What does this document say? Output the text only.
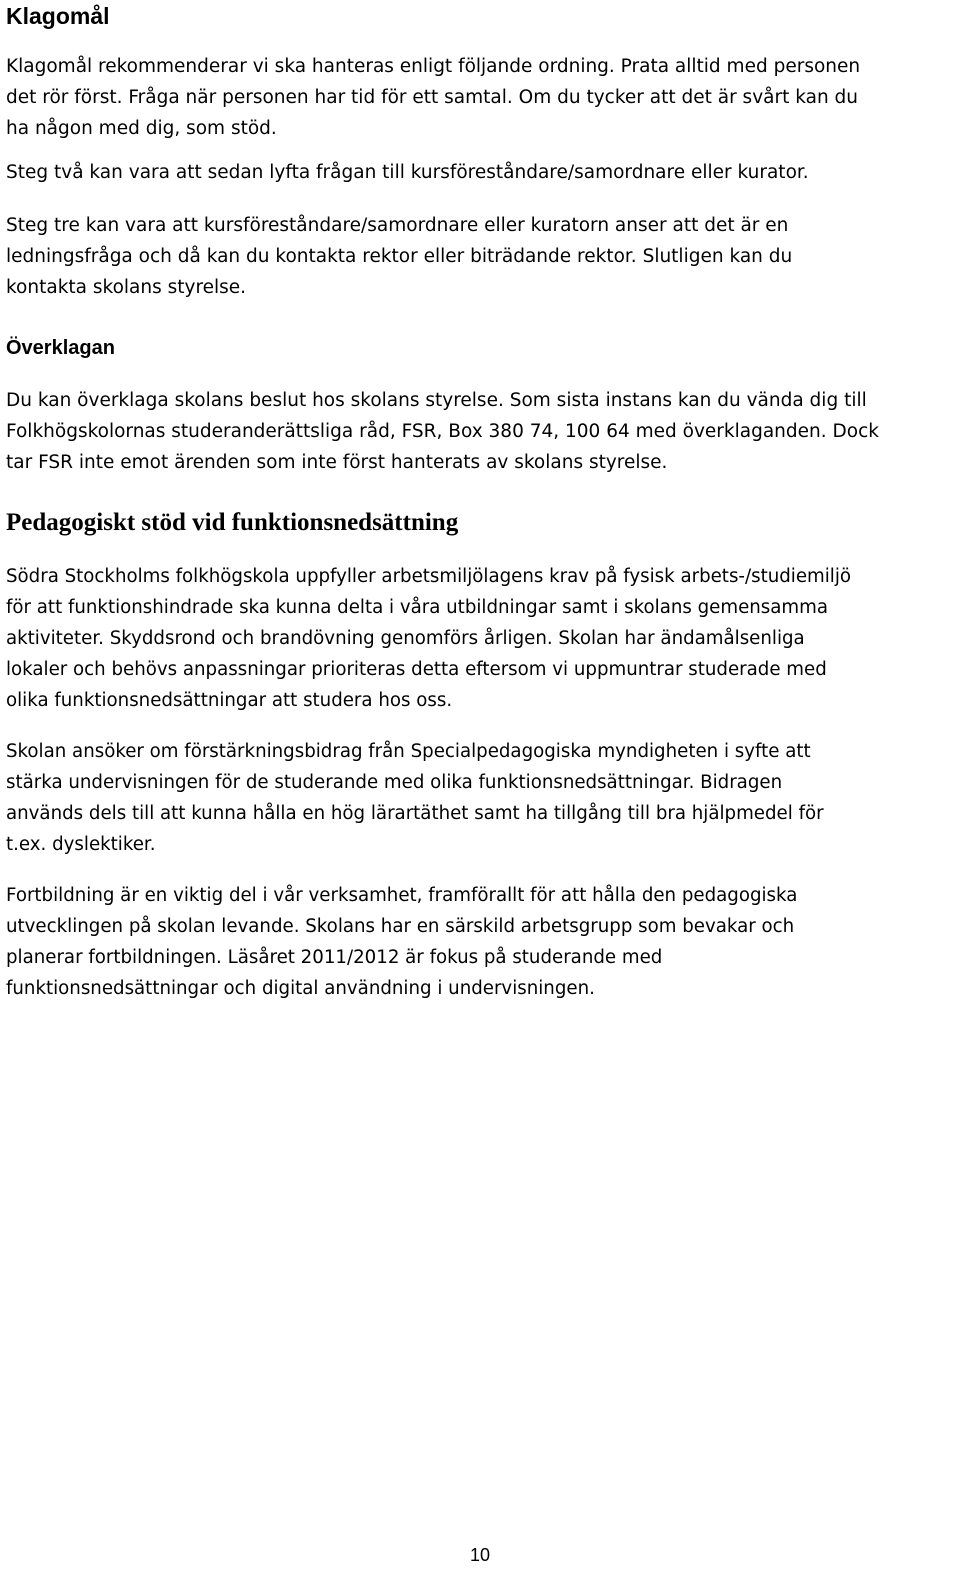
Klagomål

Klagomål rekommenderar vi ska hanteras enligt följande ordning. Prata alltid med personen
det rör först. Fråga när personen har tid för ett samtal. Om du tycker att det är svårt kan du
ha någon med dig, som stöd.

Steg två kan vara att sedan lyfta frågan till kursföreståndare/samordnare eller kurator.

Steg tre kan vara att kursföreståndare/samordnare eller kuratorn anser att det är en
ledningsfråga och då kan du kontakta rektor eller biträdande rektor. Slutligen kan du
kontakta skolans styrelse.

Överklagan

Du kan överklaga skolans beslut hos skolans styrelse. Som sista instans kan du vända dig till
Folkhögskolornas studeranderättsliga råd, FSR, Box 380 74, 100 64 med överklaganden. Dock
tar FSR inte emot ärenden som inte först hanterats av skolans styrelse.

Pedagogiskt stöd vid funktionsnedsättning

Södra Stockholms folkhögskola uppfyller arbetsmiljölagens krav på fysisk arbets-/studiemiljö
för att funktionshindrade ska kunna delta i våra utbildningar samt i skolans gemensamma
aktiviteter. Skyddsrond och brandövning genomförs årligen. Skolan har ändamålsenliga
lokaler och behövs anpassningar prioriteras detta eftersom vi uppmuntrar studerade med
olika funktionsnedsättningar att studera hos oss.

Skolan ansöker om förstärkningsbidrag från Specialpedagogiska myndigheten i syfte att
stärka undervisningen för de studerande med olika funktionsnedsättningar. Bidragen
används dels till att kunna hålla en hög lärartäthet samt ha tillgång till bra hjälpmedel för
t.ex. dyslektiker.

Fortbildning är en viktig del i vår verksamhet, framförallt för att hålla den pedagogiska
utvecklingen på skolan levande. Skolans har en särskild arbetsgrupp som bevakar och
planerar fortbildningen. Läsåret 2011/2012 är fokus på studerande med
funktionsnedsättningar och digital användning i undervisningen.

10
